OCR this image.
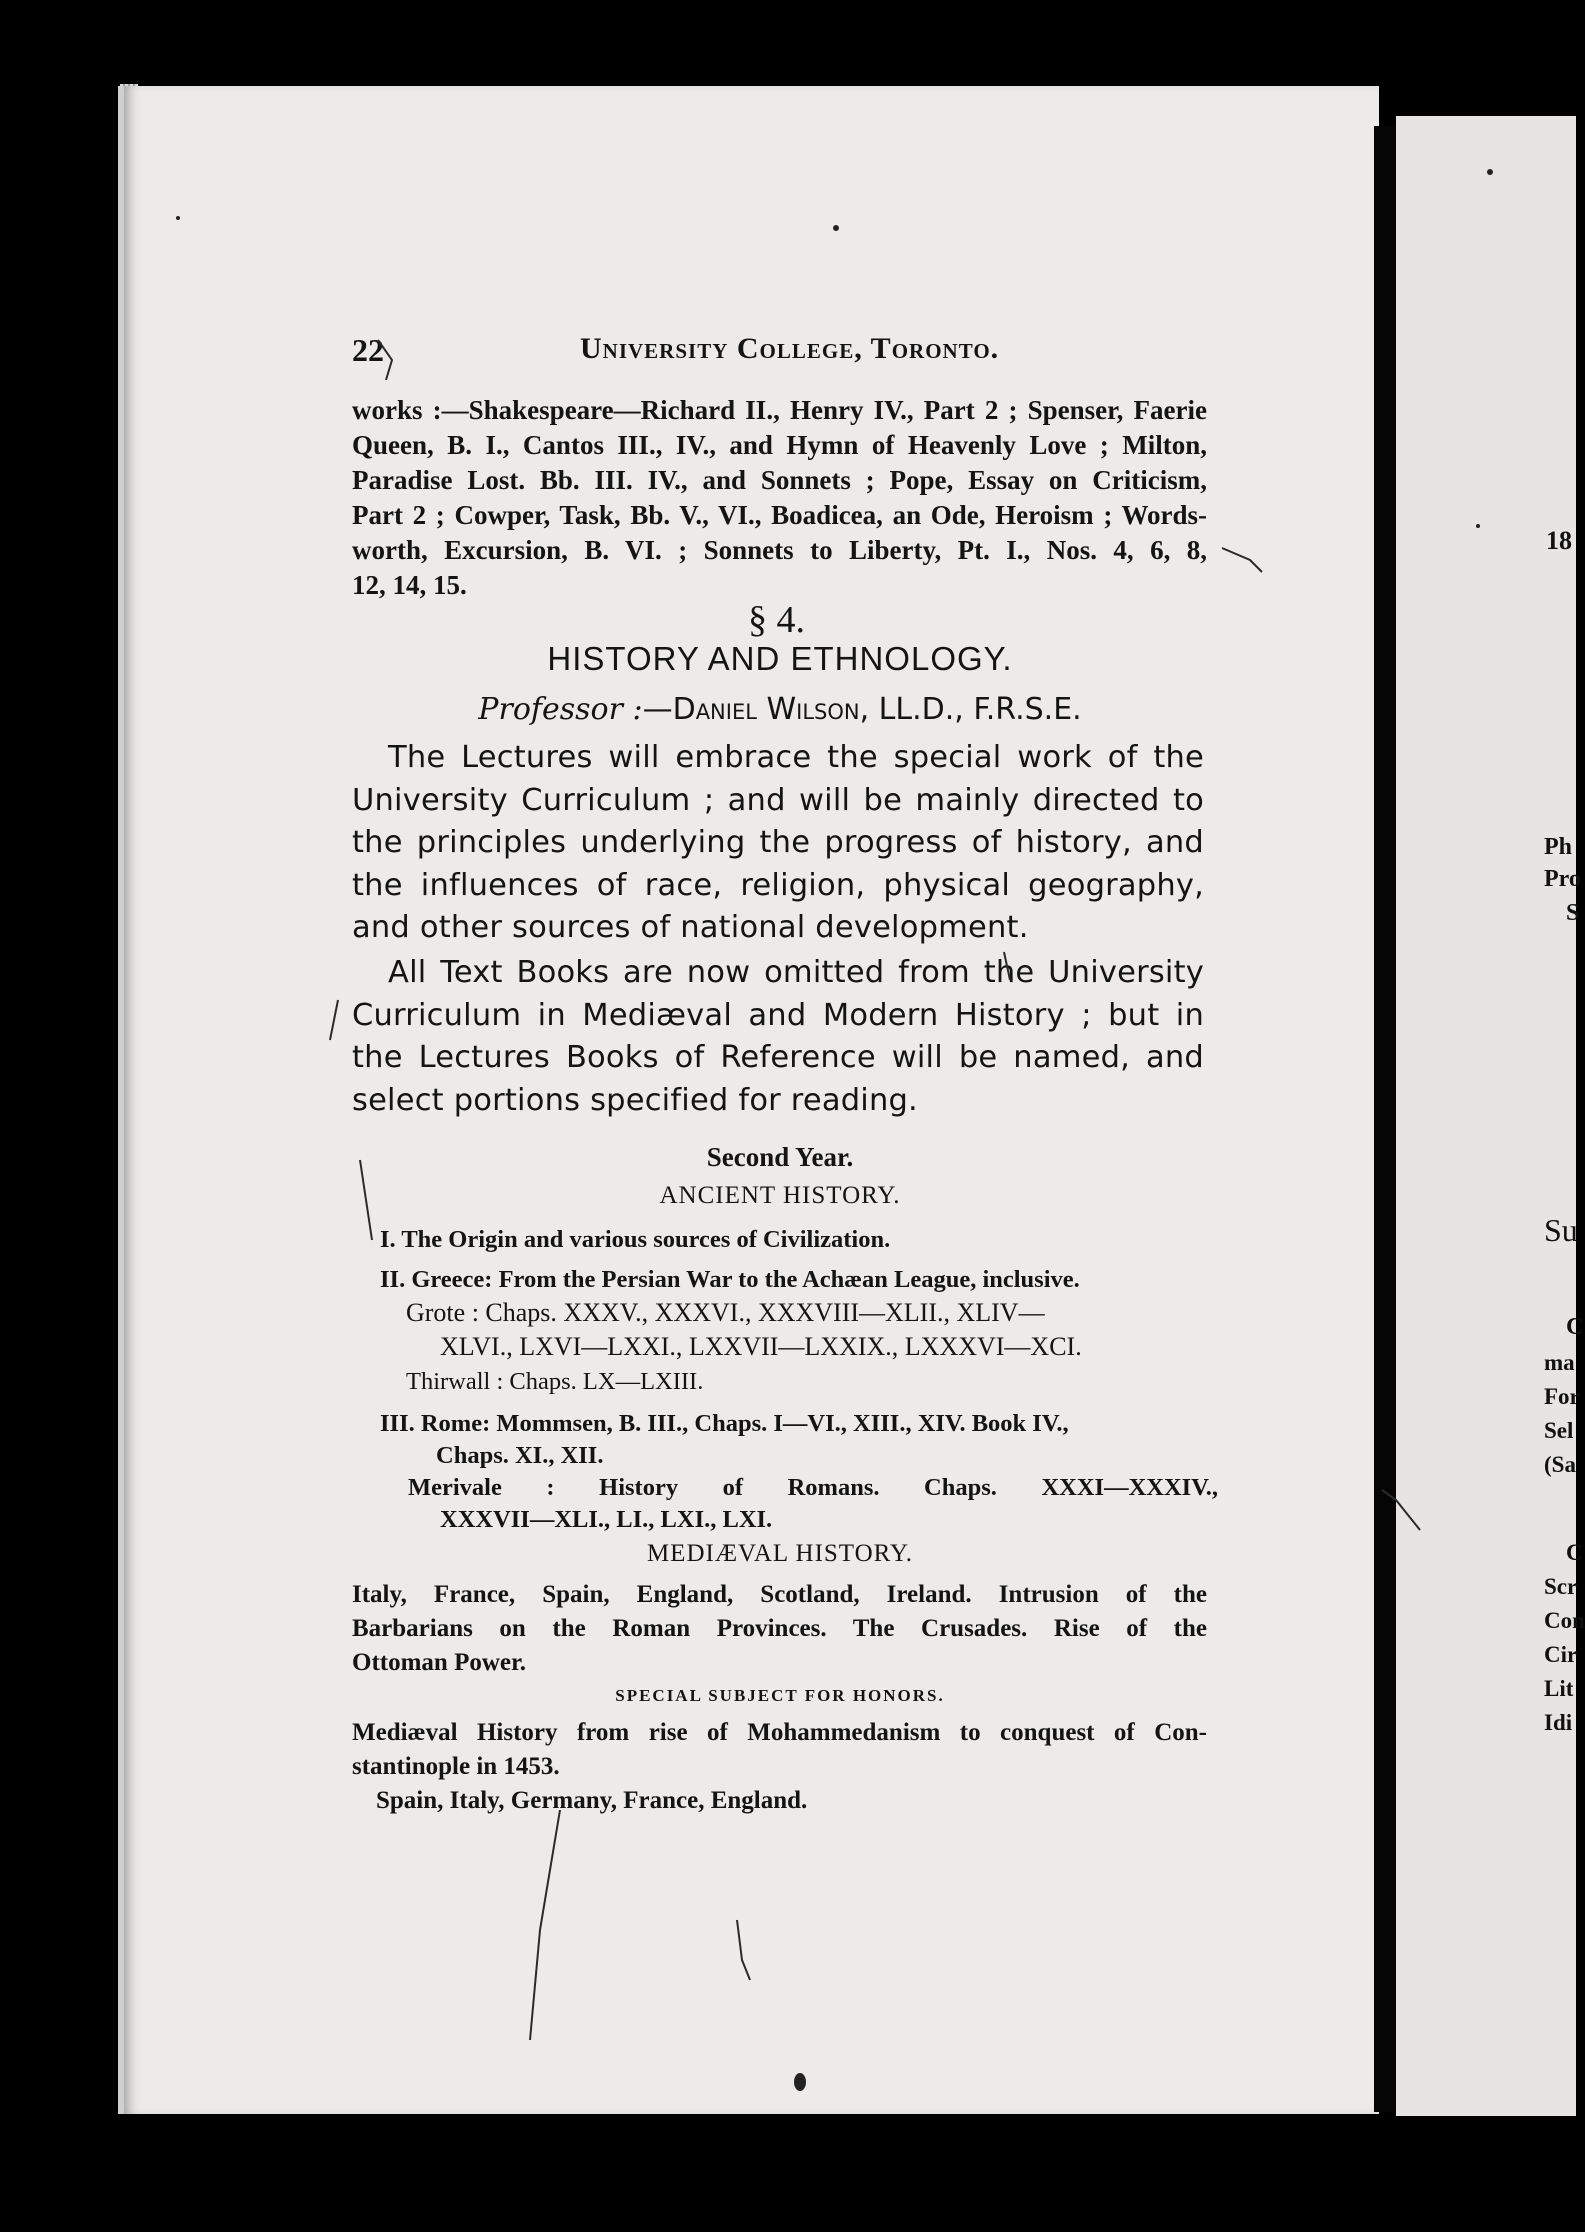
22	University College, Toronto.
works :—Shakespeare—Richard II., Henry IV., Part 2 ; Spenser, Faerie
Queen, B. I., Cantos III., IV., and Hymn of Heavenly Love ; Milton,
Paradise Lost. Bb. III. IV., and Sonnets ; Pope, Essay on Criticism,
Part 2 ; Cowper, Task, Bb. V., VI., Boadicea, an Ode, Heroism ; Words-
worth, Excursion, B. VI. ; Sonnets to Liberty, Pt. I., Nos. 4, 6, 8,
12, 14, 15.
§ 4.
HISTORY AND ETHNOLOGY.
Professor :—Daniel Wilson, LL.D., F.R.S.E.
The Lectures will embrace the special work of the University Curriculum ; and will be mainly directed to the principles underlying the progress of history, and the influences of race, religion, physical geography, and other sources of national development.
All Text Books are now omitted from the University Curriculum in Mediæval and Modern History ; but in the Lectures Books of Reference will be named, and select portions specified for reading.
Second Year.
ANCIENT HISTORY.
I. The Origin and various sources of Civilization.
II. Greece: From the Persian War to the Achæan League, inclusive.
Grote : Chaps. XXXV., XXXVI., XXXVIII—XLII., XLIV—
XLVI., LXVI—LXXI., LXXVII—LXXIX., LXXXVI—XCI.
Thirwall : Chaps. LX—LXIII.
III. Rome: Mommsen, B. III., Chaps. I—VI., XIII., XIV. Book IV.,
Chaps. XI., XII.
Merivale : History of Romans. Chaps. XXXI—XXXIV.,
XXXVII—XLI., LI., LXI., LXI.
MEDIÆVAL HISTORY.
Italy, France, Spain, England, Scotland, Ireland. Intrusion of the
Barbarians on the Roman Provinces. The Crusades. Rise of the
Ottoman Power.
SPECIAL SUBJECT FOR HONORS.
Mediæval History from rise of Mohammedanism to conquest of Con-
stantinople in 1453.
Spain, Italy, Germany, France, England.
18
Ph
Pro
S
Su
C
ma
For
Sel
(Sa
C
Scr
Con
Cir
Lit
Idi
